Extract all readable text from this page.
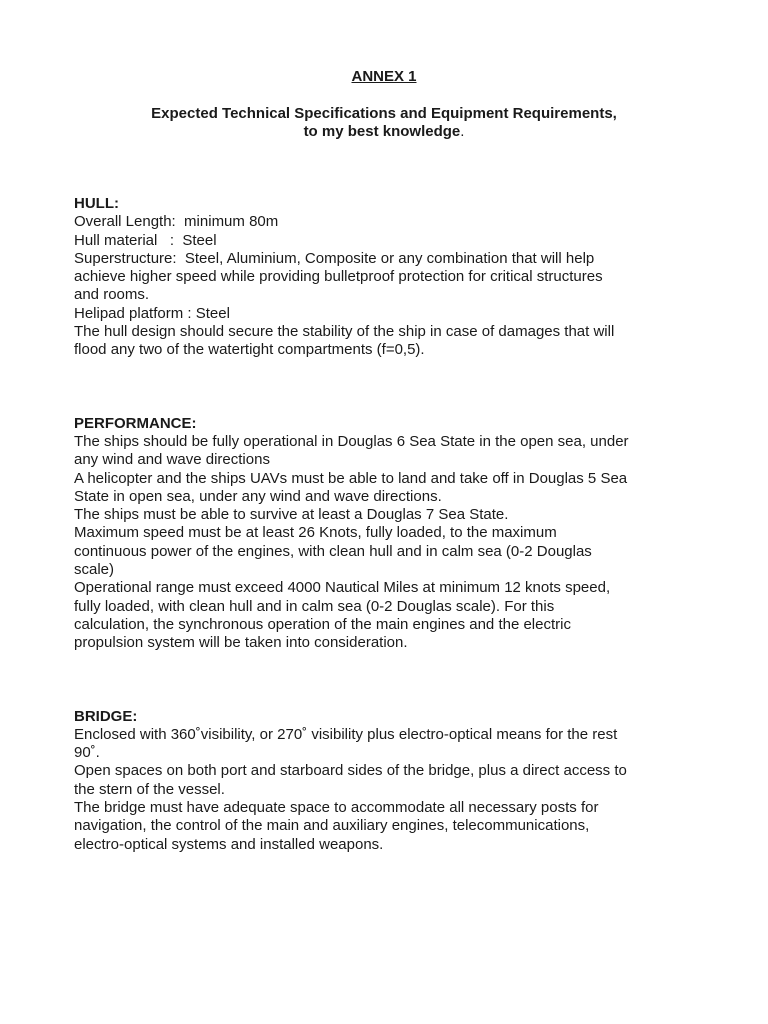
ANNEX 1

Expected Technical Specifications and Equipment Requirements,
to my best knowledge.

HULL:

Overall Length:  minimum 80m

Hull material   :  Steel

Superstructure:  Steel, Aluminium, Composite or any combination that will help

achieve higher speed while providing bulletproof protection for critical structures

and rooms.

Helipad platform : Steel

The hull design should secure the stability of the ship in case of damages that will

flood any two of the watertight compartments (f=0,5).

PERFORMANCE:

The ships should be fully operational in Douglas 6 Sea State in the open sea, under

any wind and wave directions

A helicopter and the ships UAVs must be able to land and take off in Douglas 5 Sea

State in open sea, under any wind and wave directions.

The ships must be able to survive at least a Douglas 7 Sea State.

Maximum speed must be at least 26 Knots, fully loaded, to the maximum

continuous power of the engines, with clean hull and in calm sea (0-2 Douglas

scale)

Operational range must exceed 4000 Nautical Miles at minimum 12 knots speed,

fully loaded, with clean hull and in calm sea (0-2 Douglas scale). For this

calculation, the synchronous operation of the main engines and the electric

propulsion system will be taken into consideration.

BRIDGE:

Enclosed with 360˚visibility, or 270˚ visibility plus electro-optical means for the rest

90˚.

Open spaces on both port and starboard sides of the bridge, plus a direct access to

the stern of the vessel.

The bridge must have adequate space to accommodate all necessary posts for

navigation, the control of the main and auxiliary engines, telecommunications,

electro-optical systems and installed weapons.
